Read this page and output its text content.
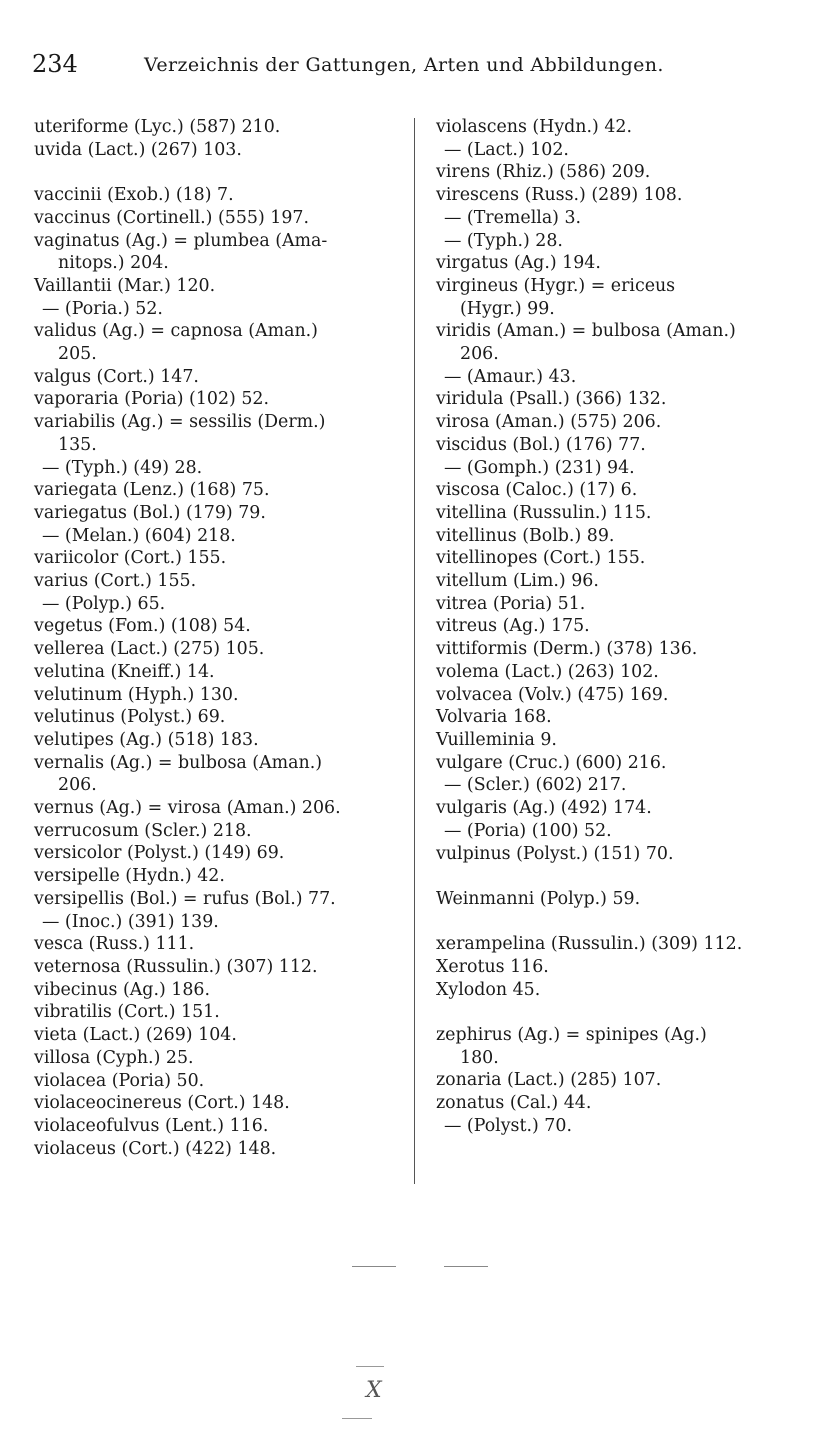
234	Verzeichnis der Gattungen, Arten und Abbildungen.
uteriforme (Lyc.) (587) 210.
uvida (Lact.) (267) 103.
vaccinii (Exob.) (18) 7.
vaccinus (Cortinell.) (555) 197.
vaginatus (Ag.) = plumbea (Ama-
nitops.) 204.
Vaillantii (Mar.) 120.
— (Poria.) 52.
validus (Ag.) = capnosa (Aman.)
205.
valgus (Cort.) 147.
vaporaria (Poria) (102) 52.
variabilis (Ag.) = sessilis (Derm.)
135.
— (Typh.) (49) 28.
variegata (Lenz.) (168) 75.
variegatus (Bol.) (179) 79.
— (Melan.) (604) 218.
variicolor (Cort.) 155.
varius (Cort.) 155.
— (Polyp.) 65.
vegetus (Fom.) (108) 54.
vellerea (Lact.) (275) 105.
velutina (Kneiff.) 14.
velutinum (Hyph.) 130.
velutinus (Polyst.) 69.
velutipes (Ag.) (518) 183.
vernalis (Ag.) = bulbosa (Aman.)
206.
vernus (Ag.) = virosa (Aman.) 206.
verrucosum (Scler.) 218.
versicolor (Polyst.) (149) 69.
versipelle (Hydn.) 42.
versipellis (Bol.) = rufus (Bol.) 77.
— (Inoc.) (391) 139.
vesca (Russ.) 111.
veternosa (Russulin.) (307) 112.
vibecinus (Ag.) 186.
vibratilis (Cort.) 151.
vieta (Lact.) (269) 104.
villosa (Cyph.) 25.
violacea (Poria) 50.
violaceocinereus (Cort.) 148.
violaceofulvus (Lent.) 116.
violaceus (Cort.) (422) 148.
violascens (Hydn.) 42.
— (Lact.) 102.
virens (Rhiz.) (586) 209.
virescens (Russ.) (289) 108.
— (Tremella) 3.
— (Typh.) 28.
virgatus (Ag.) 194.
virgineus (Hygr.) = ericeus
(Hygr.) 99.
viridis (Aman.) = bulbosa (Aman.)
206.
— (Amaur.) 43.
viridula (Psall.) (366) 132.
virosa (Aman.) (575) 206.
viscidus (Bol.) (176) 77.
— (Gomph.) (231) 94.
viscosa (Caloc.) (17) 6.
vitellina (Russulin.) 115.
vitellinus (Bolb.) 89.
vitellinopes (Cort.) 155.
vitellum (Lim.) 96.
vitrea (Poria) 51.
vitreus (Ag.) 175.
vittiformis (Derm.) (378) 136.
volema (Lact.) (263) 102.
volvacea (Volv.) (475) 169.
Volvaria 168.
Vuilleminia 9.
vulgare (Cruc.) (600) 216.
— (Scler.) (602) 217.
vulgaris (Ag.) (492) 174.
— (Poria) (100) 52.
vulpinus (Polyst.) (151) 70.
Weinmanni (Polyp.) 59.
xerampelina (Russulin.) (309) 112.
Xerotus 116.
Xylodon 45.
zephirus (Ag.) = spinipes (Ag.)
180.
zonaria (Lact.) (285) 107.
zonatus (Cal.) 44.
— (Polyst.) 70.
X
